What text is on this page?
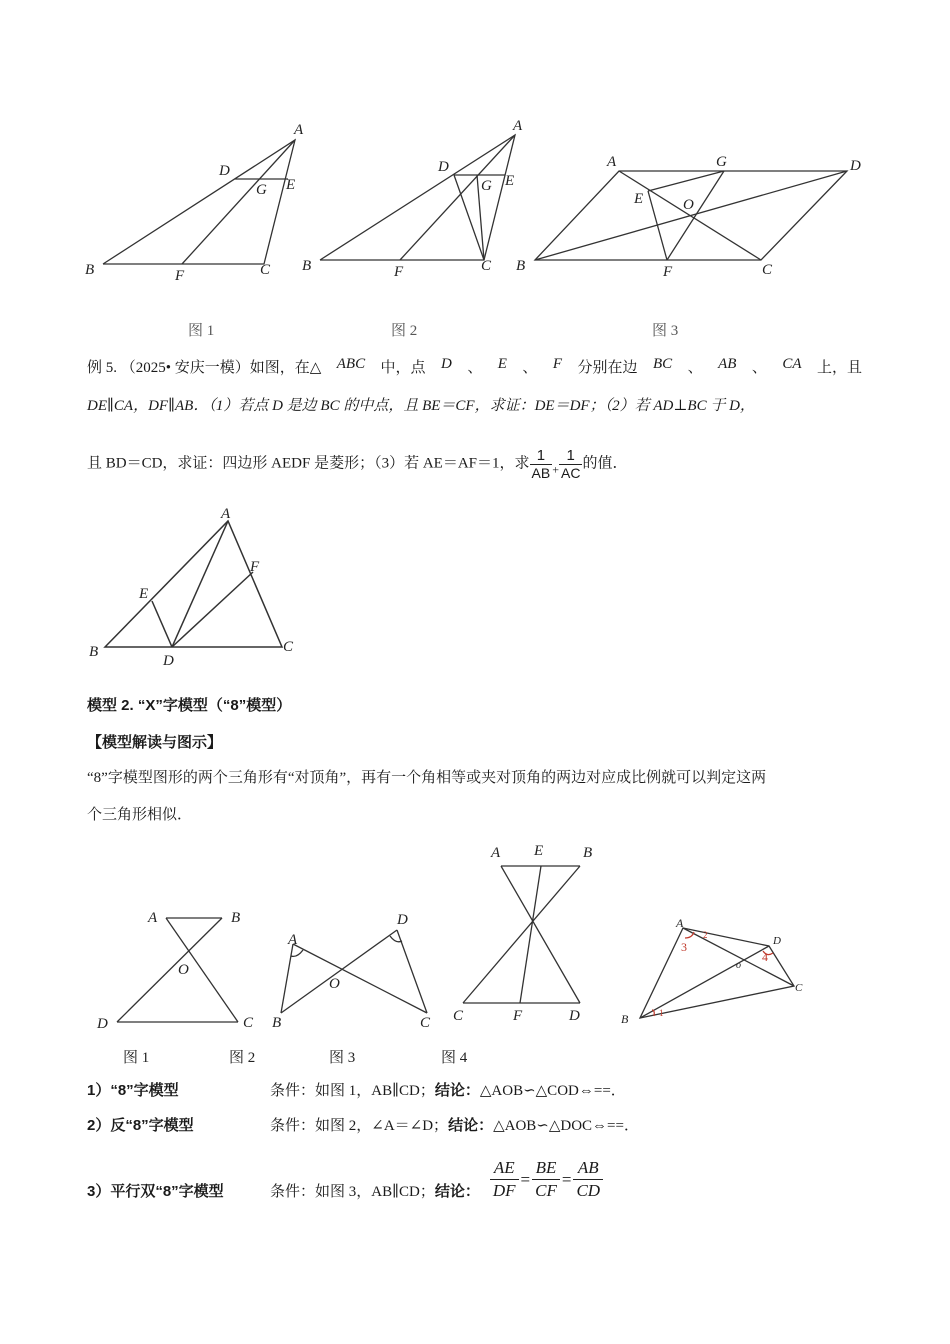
A
B	C
D
E
F
G
A
B	C
D
E
F
G
A
B	C
D
E
F
G
O
图 1	图 2	图 3
例 5. （2025• 安庆一模）如图，在△ ABC 中，点 D 、 E 、 F 分别在边 BC 、 AB 、 CA 上，且
DE∥CA，DF∥AB．（1）若点 D 是边 BC 的中点，且 BE＝CF，求证：DE＝DF；（2）若 AD⊥BC 于 D，
且 BD＝CD，求证：四边形 AEDF 是菱形；（3）若 AE＝AF＝1，求 $\frac{1}{AB} _+ \frac{1}{AC}$ 的值．
A
B	C
D
E
F
模型 2. “X”字模型（“8”模型）
【模型解读与图示】
“8”字模型图形的两个三角形有“对顶角”，再有一个角相等或夹对顶角的两边对应成比例就可以判定这两
个三角形相似．
A	B
C
D
O
A
B	C
D
O
A	B
C	D
E
F
A
B
C
D
o
3
4
1
2
图 1	图 2	图 3	图 4
1）“8”字模型	条件：如图 1，AB∥CD；结论：△AOB∽△COD⇔==．
2）反“8”字模型	条件：如图 2，∠A＝∠D；结论：△AOB∽△DOC⇔==．
3）平行双“8”字模型	条件：如图 3，AB∥CD； 结论： $\frac{AE}{DF} = \frac{BE}{CF} = \frac{AB}{CD}$
